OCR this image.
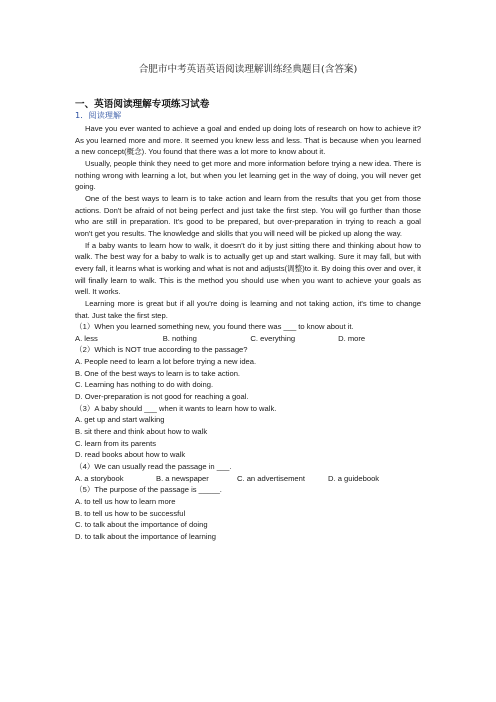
合肥市中考英语英语阅读理解训练经典题目(含答案)
一、英语阅读理解专项练习试卷
1．阅读理解

Have you ever wanted to achieve a goal and ended up doing lots of research on how to achieve it? As you learned more and more. It seemed you knew less and less. That is because when you learned a new concept(概念). You found that there was a lot more to know about it.

Usually, people think they need to get more and more information before trying a new idea. There is nothing wrong with learning a lot, but when you let learning get in the way of doing, you will never get going.

One of the best ways to learn is to take action and learn from the results that you get from those actions. Don't be afraid of not being perfect and just take the first step. You will go further than those who are still in preparation. It's good to be prepared, but over-preparation in trying to reach a goal won't get you results. The knowledge and skills that you will need will be picked up along the way.

If a baby wants to learn how to walk, it doesn't do it by just sitting there and thinking about how to walk. The best way for a baby to walk is to actually get up and start walking. Sure it may fall, but with every fall, it learns what is working and what is not and adjusts(调整)to it. By doing this over and over, it will finally learn to walk. This is the method you should use when you want to achieve your goals as well. It works.

Learning more is great but if all you're doing is learning and not taking action, it's time to change that. Just take the first step.

（1）When you learned something new, you found there was ___ to know about it.

A. less	B. nothing	C. everything	D. more

（2）Which is NOT true according to the passage?

A. People need to learn a lot before trying a new idea.

B. One of the best ways to learn is to take action.

C. Learning has nothing to do with doing.

D. Over-preparation is not good for reaching a goal.

（3）A baby should ___ when it wants to learn how to walk.

A. get up and start walking

B. sit there and think about how to walk

C. learn from its parents

D. read books about how to walk

（4）We can usually read the passage in ___.

A. a storybook	B. a newspaper	C. an advertisement	D. a guidebook

（5）The purpose of the passage is _____.

A. to tell us how to learn more

B. to tell us how to be successful

C. to talk about the importance of doing

D. to talk about the importance of learning
